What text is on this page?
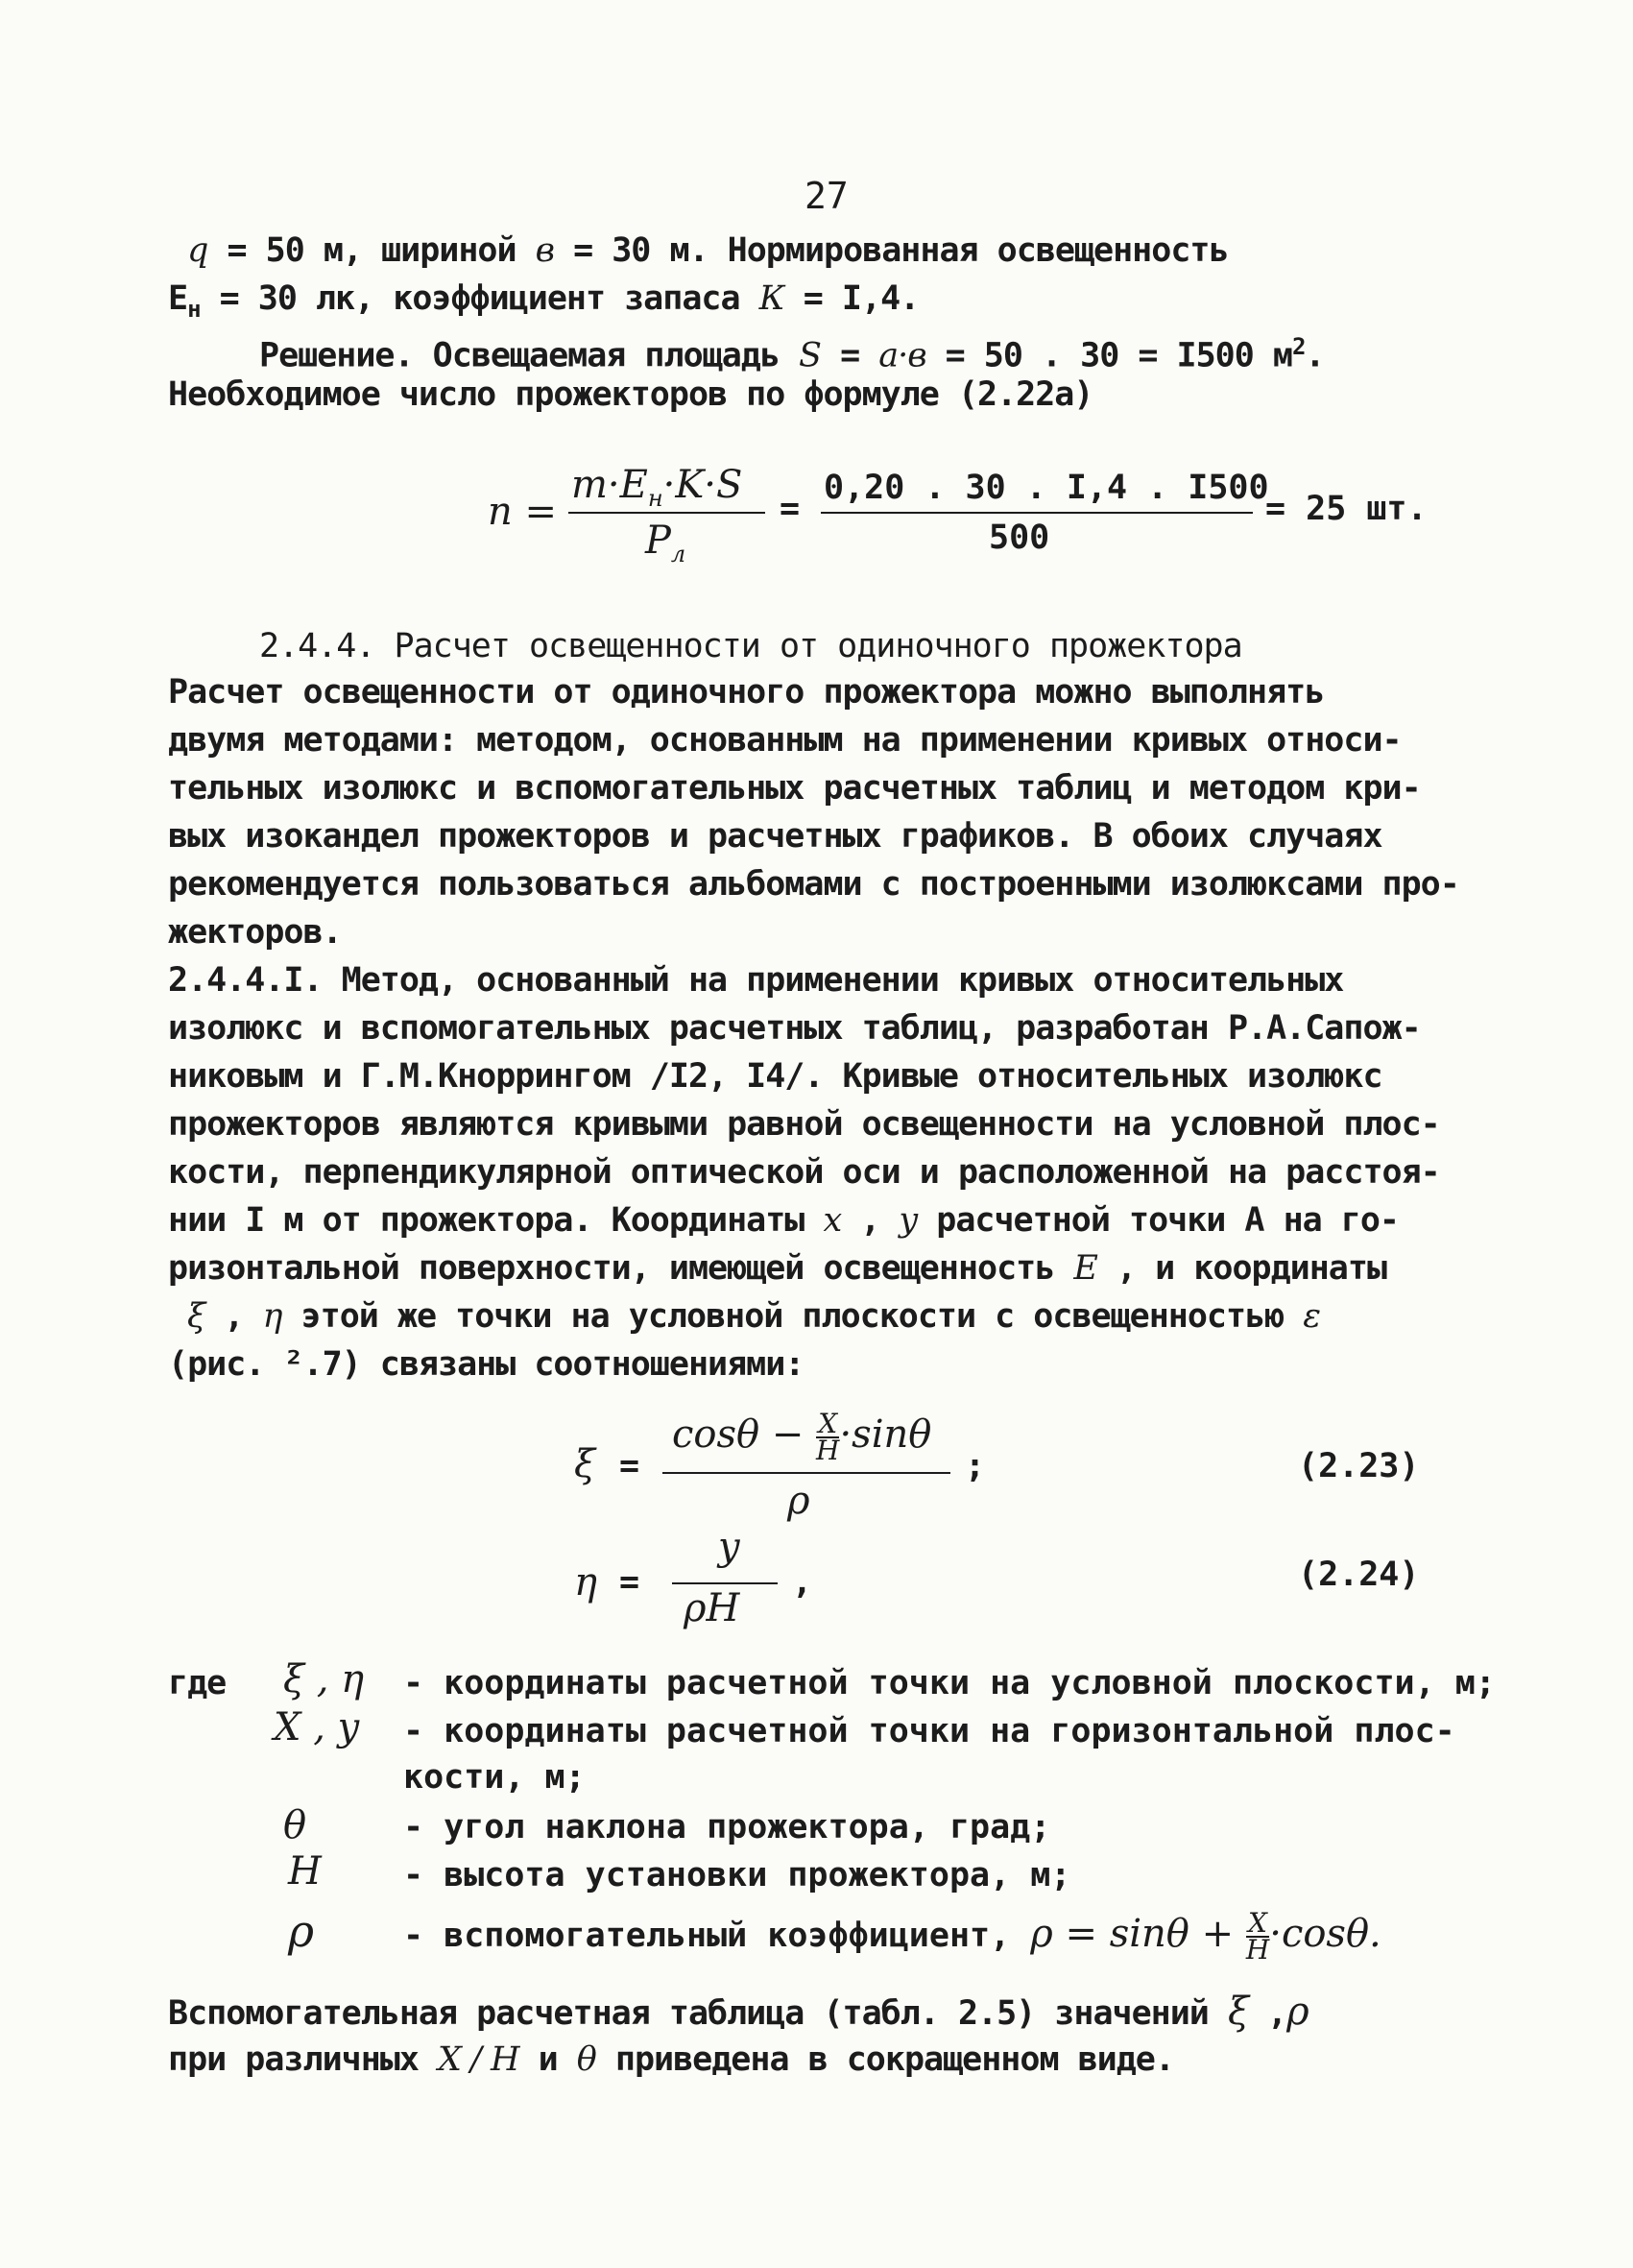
27
q = 50 м, шириной в = 30 м. Нормированная освещенность
$Е_н = 30$ лк, коэффициент запаса К = I,4.
Решение. Освещаемая площадь S = a·в = 50 . 30 = I500 $м^2$.
Необходимое число прожекторов по формуле (2.22а)
n =
$m\cdot E_н\cdot K\cdot S$
$P_л$
=
0,20 . 30 . I,4 . I500
500
= 25 шт.
2.4.4. Расчет освещенности от одиночного прожектора
Расчет освещенности от одиночного прожектора можно выполнять
двумя методами: методом, основанным на применении кривых относи-
тельных изолюкс и вспомогательных расчетных таблиц и методом кри-
вых изокандел прожекторов и расчетных графиков. В обоих случаях
рекомендуется пользоваться альбомами с построенными изолюксами про-
жекторов.
2.4.4.I. Метод, основанный на применении кривых относительных
изолюкс и вспомогательных расчетных таблиц, разработан Р.А.Сапож-
никовым и Г.М.Кноррингом /I2, I4/. Кривые относительных изолюкс
прожекторов являются кривыми равной освещенности на условной плос-
кости, перпендикулярной оптической оси и расположенной на расстоя-
нии I м от прожектора. Координаты x , y расчетной точки А на го-
ризонтальной поверхности, имеющей освещенность E , и координаты
ξ , η этой же точки на условной плоскости с освещенностью ε
(рис. ².7) связаны соотношениями:
ξ =
$\cos\theta - \frac{X}{H} \cdot\sin\theta$
ρ
;	(2.23)
η =
y
ρH
,	(2.24)
где ξ , η - координаты расчетной точки на условной плоскости, м;
X , y - координаты расчетной точки на горизонтальной плос-
кости, м;
θ	- угол наклона прожектора, град;
H - высота установки прожектора, м;
ρ	- вспомогательный коэффициент, $\rho = \sin\theta + \frac{X}{H} \cdot\cos\theta$.
Вспомогательная расчетная таблица (табл. 2.5) значений ξ ,ρ
при различных X / H и θ приведена в сокращенном виде.
